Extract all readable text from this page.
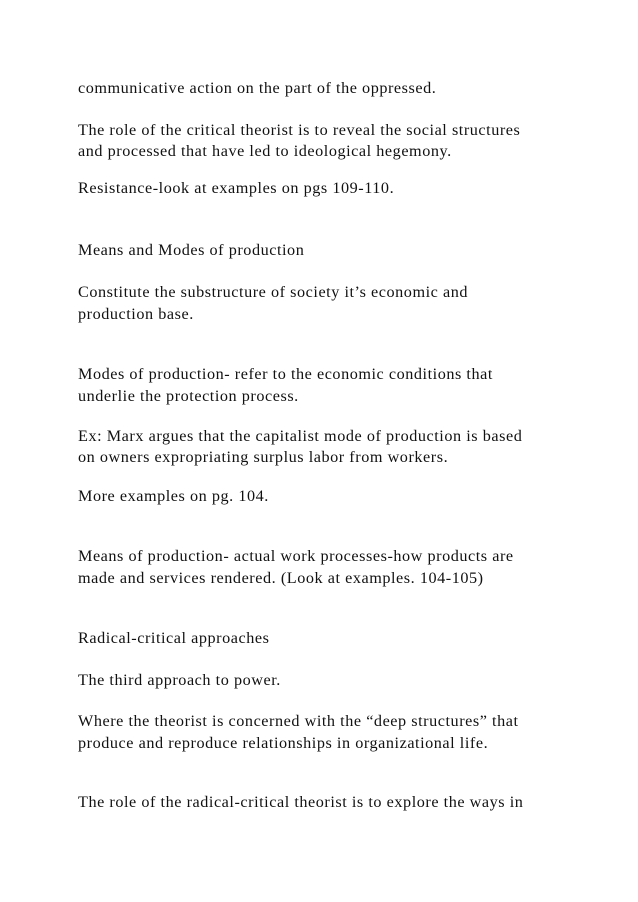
communicative action on the part of the oppressed.

The role of the critical theorist is to reveal the social structures

and processed that have led to ideological hegemony.

Resistance-look at examples on pgs 109-110.

Means and Modes of production

Constitute the substructure of society it’s economic and

production base.

Modes of production- refer to the economic conditions that

underlie the protection process.

Ex: Marx argues that the capitalist mode of production is based

on owners expropriating surplus labor from workers.

More examples on pg. 104.

Means of production- actual work processes-how products are

made and services rendered. (Look at examples. 104-105)

Radical-critical approaches

The third approach to power.

Where the theorist is concerned with the “deep structures” that

produce and reproduce relationships in organizational life.

The role of the radical-critical theorist is to explore the ways in
